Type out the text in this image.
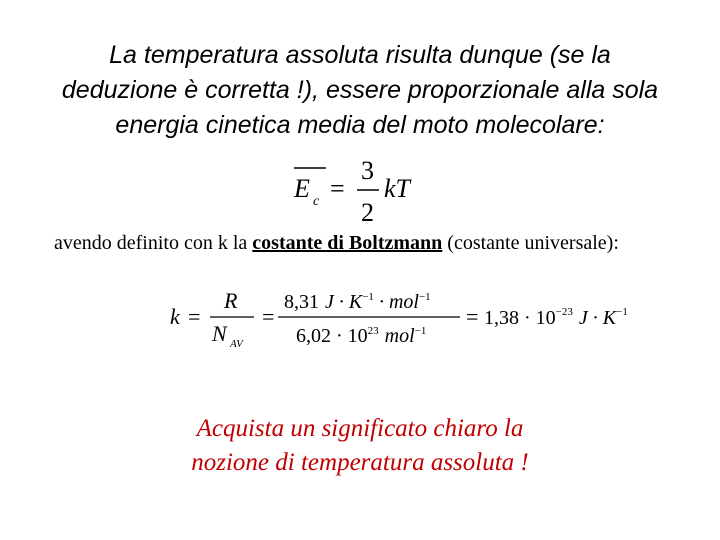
La temperatura assoluta risulta dunque (se la
deduzione è corretta !), essere proporzionale alla sola
energia cinetica media del moto molecolare:
E c =
3
2
kT
avendo definito con k la costante di Boltzmann (costante universale):
k =
R
N AV
=
8,31 $J \cdot K^{-1} \cdot mol^{-1}$
$6,02 \cdot 10^{23}$ mol$^{-1}$
= $1,38 \cdot 10^{-23}$ $J \cdot K^{-1}$
Acquista un significato chiaro la
nozione di temperatura assoluta !
